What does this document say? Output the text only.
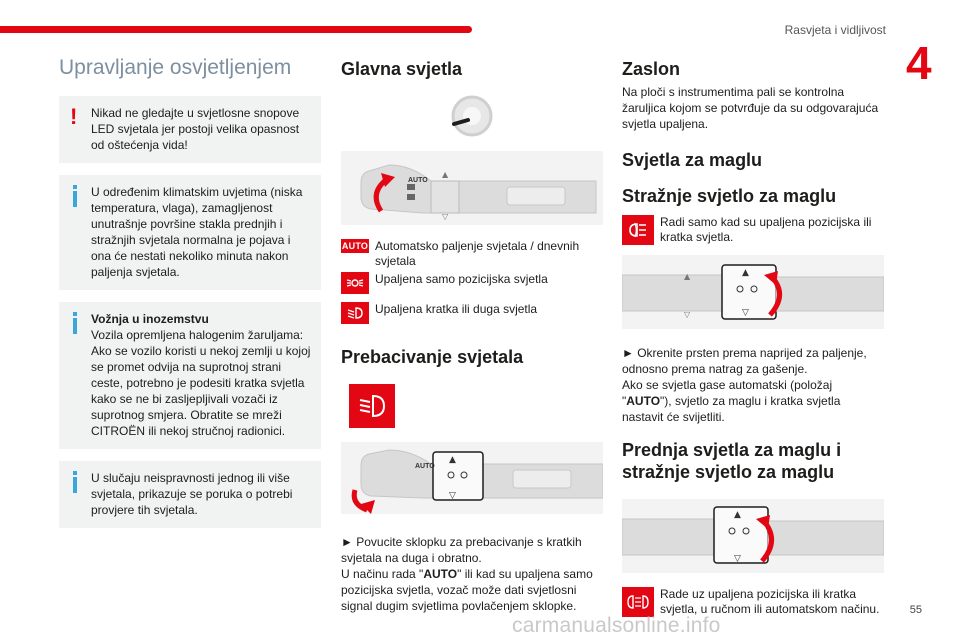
Rasvjeta i vidljivost
4
Upravljanje osvjetljenjem
! Nikad ne gledajte u svjetlosne snopove LED svjetala jer postoji velika opasnost od oštećenja vida!

U određenim klimatskim uvjetima (niska temperatura, vlaga), zamagljenost unutrašnje površine stakla prednjih i stražnjih svjetala normalna je pojava i ona će nestati nekoliko minuta nakon paljenja svjetala.

Vožnja u inozemstvu

Vozila opremljena halogenim žaruljama: Ako se vozilo koristi u nekoj zemlji u kojoj se promet odvija na suprotnoj strani ceste, potrebno je podesiti kratka svjetla kako se ne bi zasljepljivali vozači iz suprotnog smjera. Obratite se mreži CITROËN ili nekoj stručnoj radionici.

U slučaju neispravnosti jednog ili više svjetala, prikazuje se poruka o potrebi provjere tih svjetala.

Glavna svjetla
AUTO
▲
▽
AUTO Automatsko paljenje svjetala / dnevnih svjetala
Upaljena samo pozicijska svjetla
Upaljena kratka ili duga svjetla
Prebacivanje svjetala
AUTO
▲
▽

► Povucite sklopku za prebacivanje s kratkih svjetala na duga i obratno.

U načinu rada "AUTO" ili kad su upaljena samo pozicijska svjetla, vozač može dati svjetlosni signal dugim svjetlima povlačenjem sklopke.

Zaslon

Na ploči s instrumentima pali se kontrolna žaruljica kojom se potvrđuje da su odgovarajuća svjetla upaljena.

Svjetla za maglu
Stražnje svjetlo za maglu
Radi samo kad su upaljena pozicijska ili kratka svjetla.
▲
▽
▲
▽

► Okrenite prsten prema naprijed za paljenje, odnosno prema natrag za gašenje.

Ako se svjetla gase automatski (položaj "AUTO"), svjetlo za maglu i kratka svjetla nastavit će svijetliti.

Prednja svjetla za maglu i stražnje svjetlo za maglu
▲
▽
Rade uz upaljena pozicijska ili kratka svjetla, u ručnom ili automatskom načinu.
carmanualsonline.info
55
